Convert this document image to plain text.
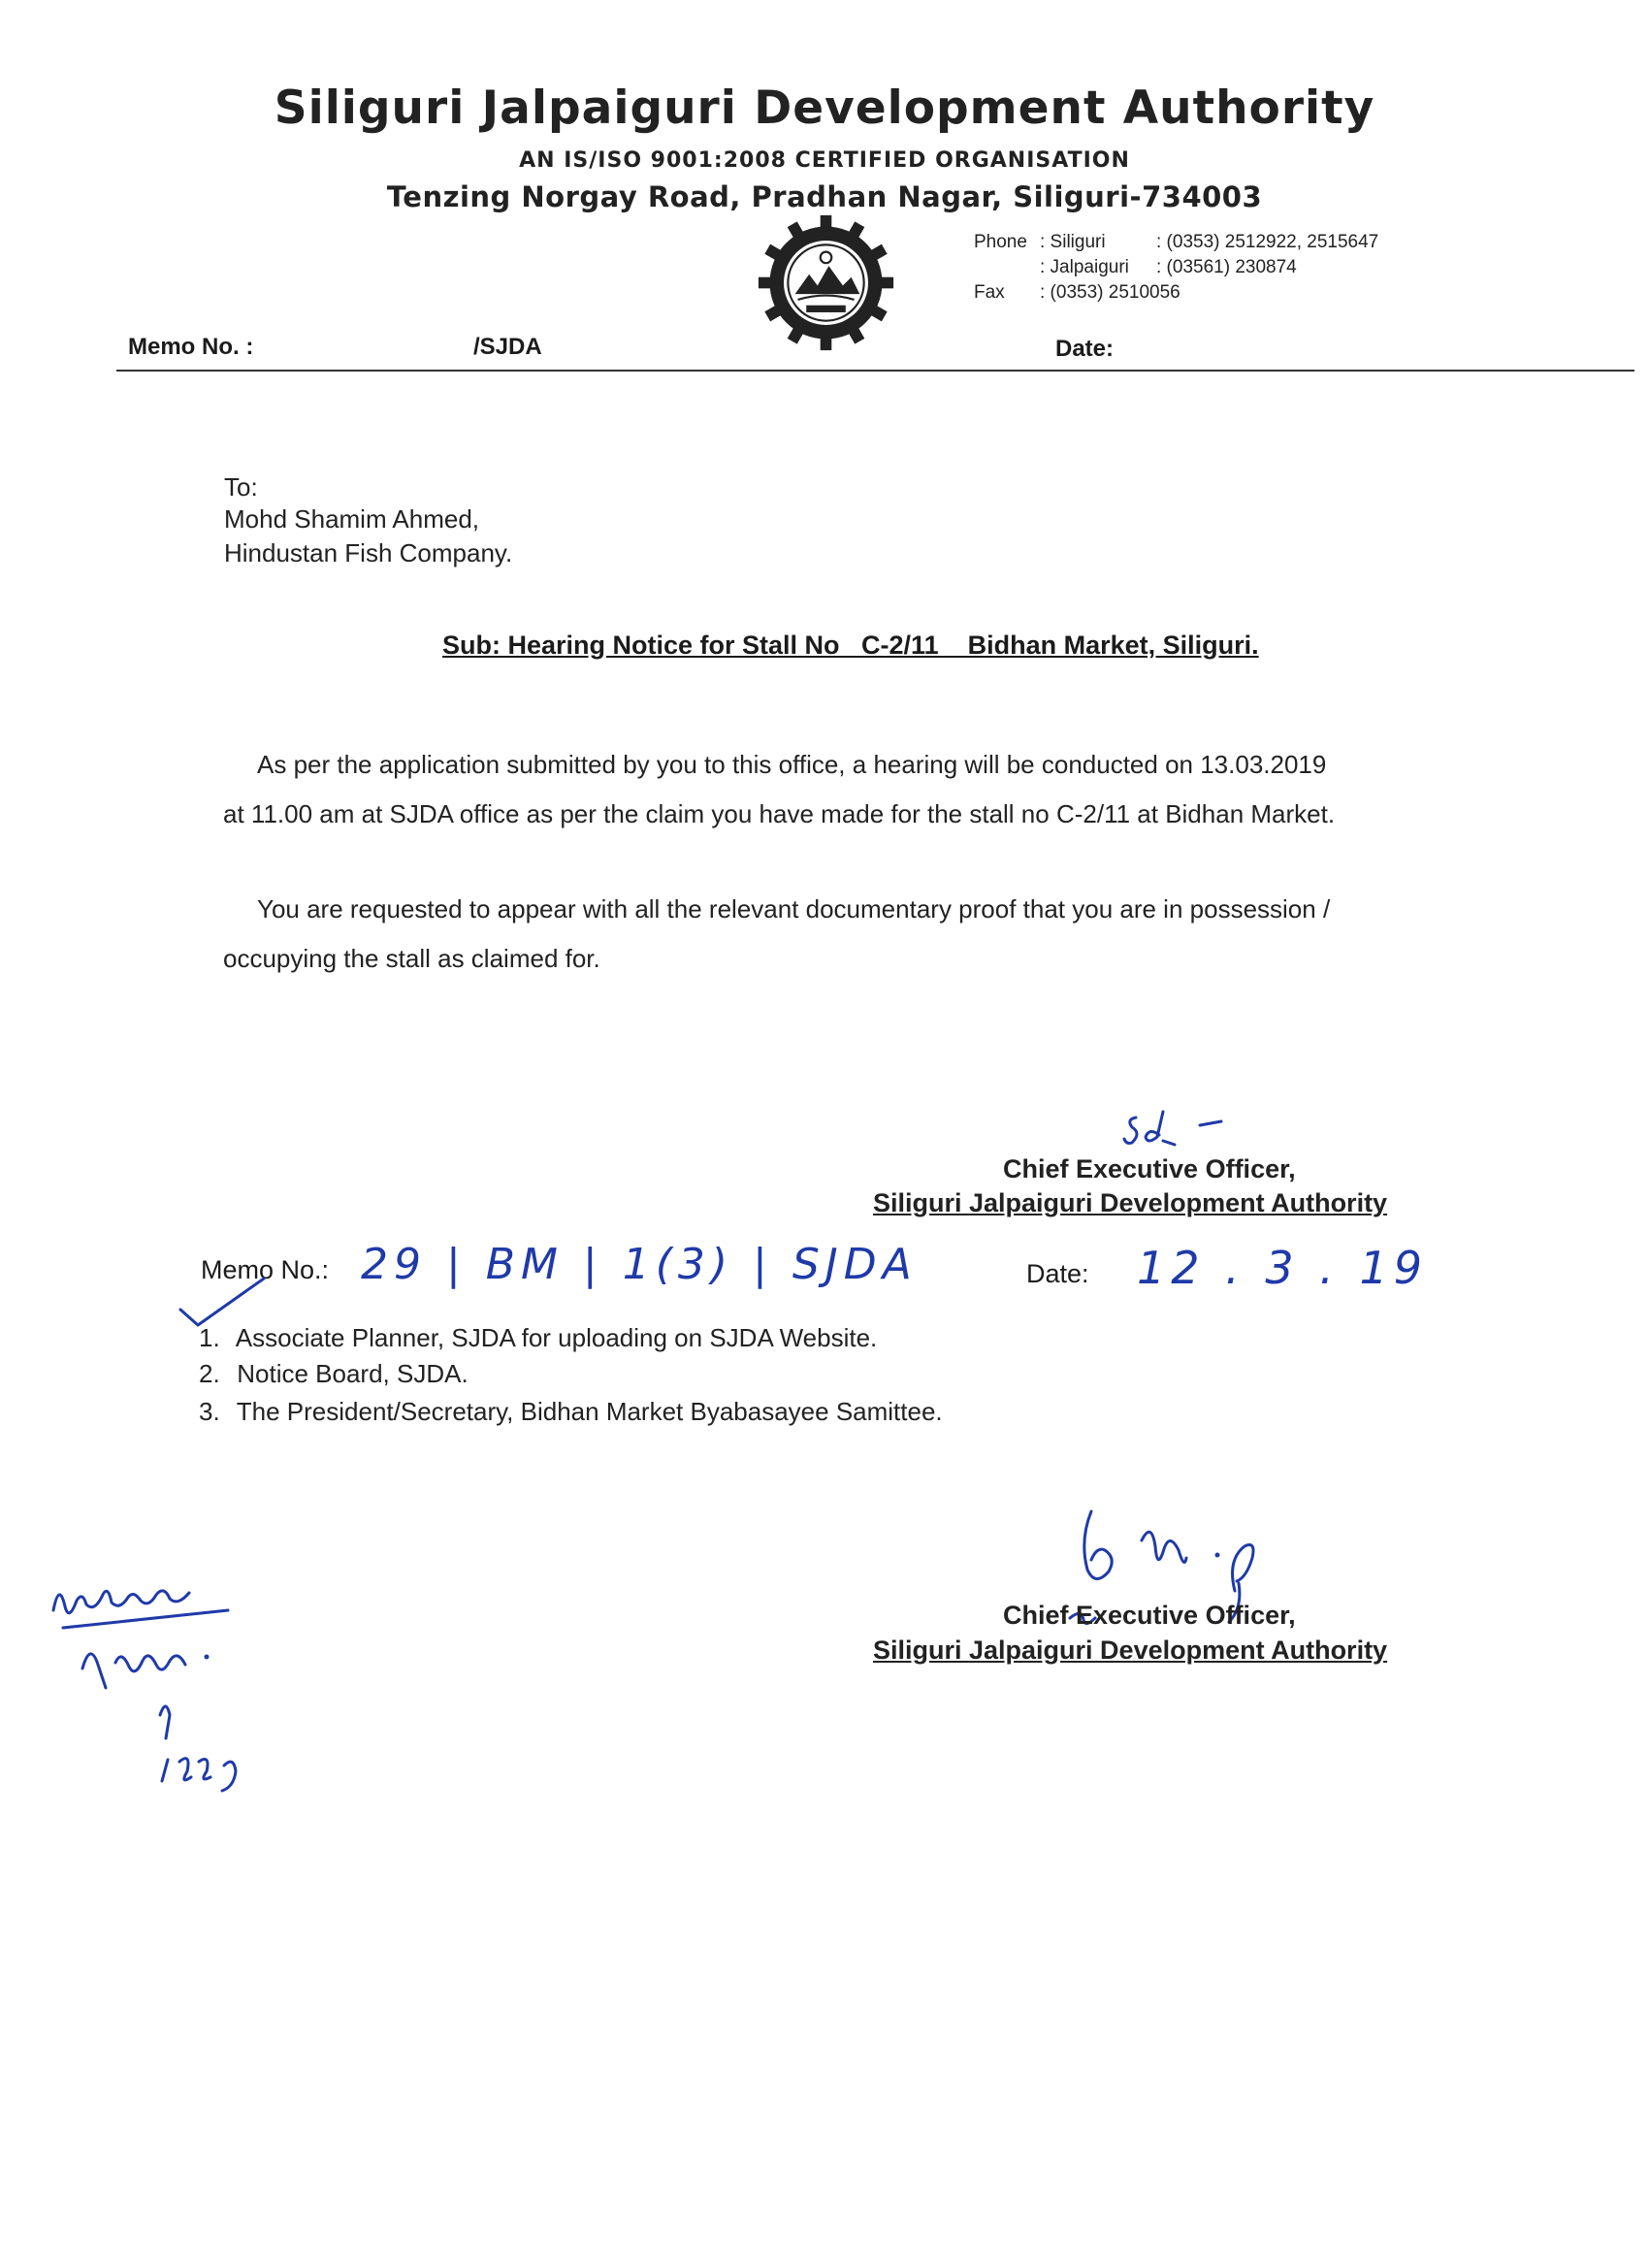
Siliguri Jalpaiguri Development Authority
AN IS/ISO 9001:2008 CERTIFIED ORGANISATION
Tenzing Norgay Road, Pradhan Nagar, Siliguri-734003
Phone : Siliguri	: (0353) 2512922, 2515647
: Jalpaiguri : (03561) 230874
Fax : (0353) 2510056
Memo No. :	/SJDA	Date:
To:
Mohd Shamim Ahmed,
Hindustan Fish Company.
Sub: Hearing Notice for Stall No   C-2/11    Bidhan Market, Siliguri.
As per the application submitted by you to this office, a hearing will be conducted on 13.03.2019
at 11.00 am at SJDA office as per the claim you have made for the stall no C-2/11 at Bidhan Market.
You are requested to appear with all the relevant documentary proof that you are in possession /
occupying the stall as claimed for.
Chief Executive Officer,
Siliguri Jalpaiguri Development Authority
Memo No.: 29 | BM | 1(3) | SJDA	Date: 12 . 3 . 19
1. Associate Planner, SJDA for uploading on SJDA Website.
2. Notice Board, SJDA.
3. The President/Secretary, Bidhan Market Byabasayee Samittee.
Chief Executive Officer,
Siliguri Jalpaiguri Development Authority
